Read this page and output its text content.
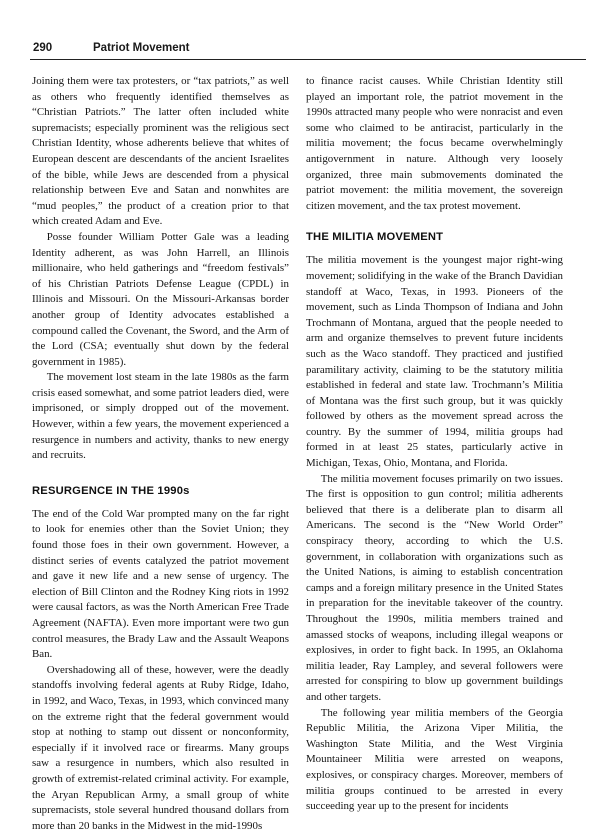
290	Patriot Movement

Joining them were tax protesters, or “tax patriots,” as well as others who frequently identified themselves as “Christian Patriots.” The latter often included white supremacists; especially prominent was the religious sect Christian Identity, whose adherents believe that whites of European descent are descendants of the ancient Israelites of the bible, while Jews are descended from a physical relationship between Eve and Satan and nonwhites are “mud peoples,” the product of a creation prior to that which created Adam and Eve.

Posse founder William Potter Gale was a leading Identity adherent, as was John Harrell, an Illinois millionaire, who held gatherings and “freedom festivals” of his Christian Patriots Defense League (CPDL) in Illinois and Missouri. On the Missouri-Arkansas border another group of Identity advocates established a compound called the Covenant, the Sword, and the Arm of the Lord (CSA; eventually shut down by the federal government in 1985).

The movement lost steam in the late 1980s as the farm crisis eased somewhat, and some patriot leaders died, were imprisoned, or simply dropped out of the movement. However, within a few years, the movement experienced a resurgence in numbers and activity, thanks to new energy and recruits.

RESURGENCE IN THE 1990s

The end of the Cold War prompted many on the far right to look for enemies other than the Soviet Union; they found those foes in their own government. However, a distinct series of events catalyzed the patriot movement and gave it new life and a new sense of urgency. The election of Bill Clinton and the Rodney King riots in 1992 were causal factors, as was the North American Free Trade Agreement (NAFTA). Even more important were two gun control measures, the Brady Law and the Assault Weapons Ban.

Overshadowing all of these, however, were the deadly standoffs involving federal agents at Ruby Ridge, Idaho, in 1992, and Waco, Texas, in 1993, which convinced many on the extreme right that the federal government would stop at nothing to stamp out dissent or nonconformity, especially if it involved race or firearms. Many groups saw a resurgence in numbers, which also resulted in growth of extremist-related criminal activity. For example, the Aryan Republican Army, a small group of white supremacists, stole several hundred thousand dollars from more than 20 banks in the Midwest in the mid-1990s

to finance racist causes. While Christian Identity still played an important role, the patriot movement in the 1990s attracted many people who were nonracist and even some who claimed to be antiracist, particularly in the militia movement; the focus became overwhelmingly antigovernment in nature. Although very loosely organized, three main submovements dominated the patriot movement: the militia movement, the sovereign citizen movement, and the tax protest movement.

THE MILITIA MOVEMENT

The militia movement is the youngest major right-wing movement; solidifying in the wake of the Branch Davidian standoff at Waco, Texas, in 1993. Pioneers of the movement, such as Linda Thompson of Indiana and John Trochmann of Montana, argued that the people needed to arm and organize themselves to prevent future incidents such as the Waco standoff. They practiced and justified paramilitary activity, claiming to be the statutory militia established in federal and state law. Trochmann’s Militia of Montana was the first such group, but it was quickly followed by others as the movement spread across the country. By the summer of 1994, militia groups had formed in at least 25 states, particularly active in Michigan, Texas, Ohio, Montana, and Florida.

The militia movement focuses primarily on two issues. The first is opposition to gun control; militia adherents believed that there is a deliberate plan to disarm all Americans. The second is the “New World Order” conspiracy theory, according to which the U.S. government, in collaboration with organizations such as the United Nations, is aiming to establish concentration camps and a foreign military presence in the United States in preparation for the inevitable takeover of the country. Throughout the 1990s, militia members trained and amassed stocks of weapons, including illegal weapons or explosives, in order to fight back. In 1995, an Oklahoma militia leader, Ray Lampley, and several followers were arrested for conspiring to blow up government buildings and other targets.

The following year militia members of the Georgia Republic Militia, the Arizona Viper Militia, the Washington State Militia, and the West Virginia Mountaineer Militia were arrested on weapons, explosives, or conspiracy charges. Moreover, members of militia groups continued to be arrested in every succeeding year up to the present for incidents
